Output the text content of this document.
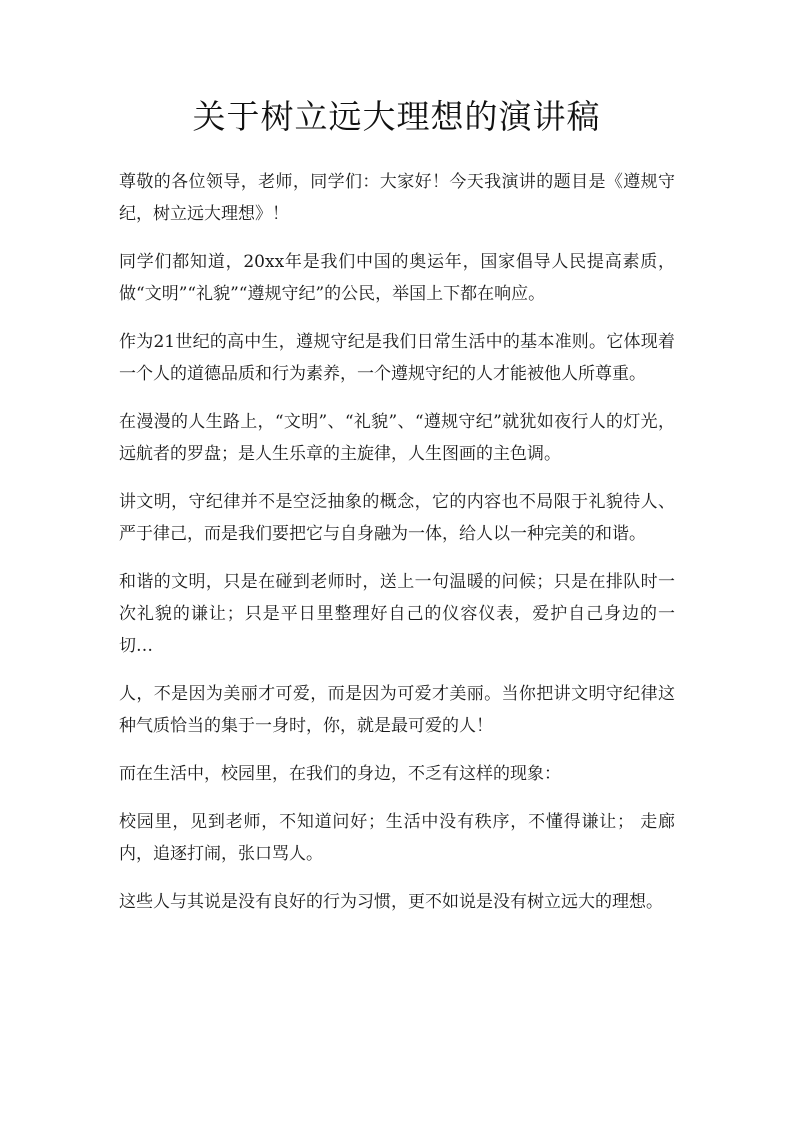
关于树立远大理想的演讲稿

尊敬的各位领导，老师，同学们：大家好！今天我演讲的题目是《遵规守纪，树立远大理想》！

同学们都知道，20xx年是我们中国的奥运年，国家倡导人民提高素质，做“文明”“礼貌”“遵规守纪”的公民，举国上下都在响应。

作为21世纪的高中生，遵规守纪是我们日常生活中的基本准则。它体现着一个人的道德品质和行为素养，一个遵规守纪的人才能被他人所尊重。

在漫漫的人生路上，“文明”、“礼貌”、“遵规守纪”就犹如夜行人的灯光，远航者的罗盘；是人生乐章的主旋律，人生图画的主色调。

讲文明，守纪律并不是空泛抽象的概念，它的内容也不局限于礼貌待人、严于律己，而是我们要把它与自身融为一体，给人以一种完美的和谐。

和谐的文明，只是在碰到老师时，送上一句温暖的问候；只是在排队时一次礼貌的谦让；只是平日里整理好自己的仪容仪表，爱护自己身边的一切…

人，不是因为美丽才可爱，而是因为可爱才美丽。当你把讲文明守纪律这种气质恰当的集于一身时，你，就是最可爱的人！

而在生活中，校园里，在我们的身边，不乏有这样的现象：

校园里，见到老师，不知道问好；生活中没有秩序，不懂得谦让； 走廊内，追逐打闹，张口骂人。

这些人与其说是没有良好的行为习惯，更不如说是没有树立远大的理想。
